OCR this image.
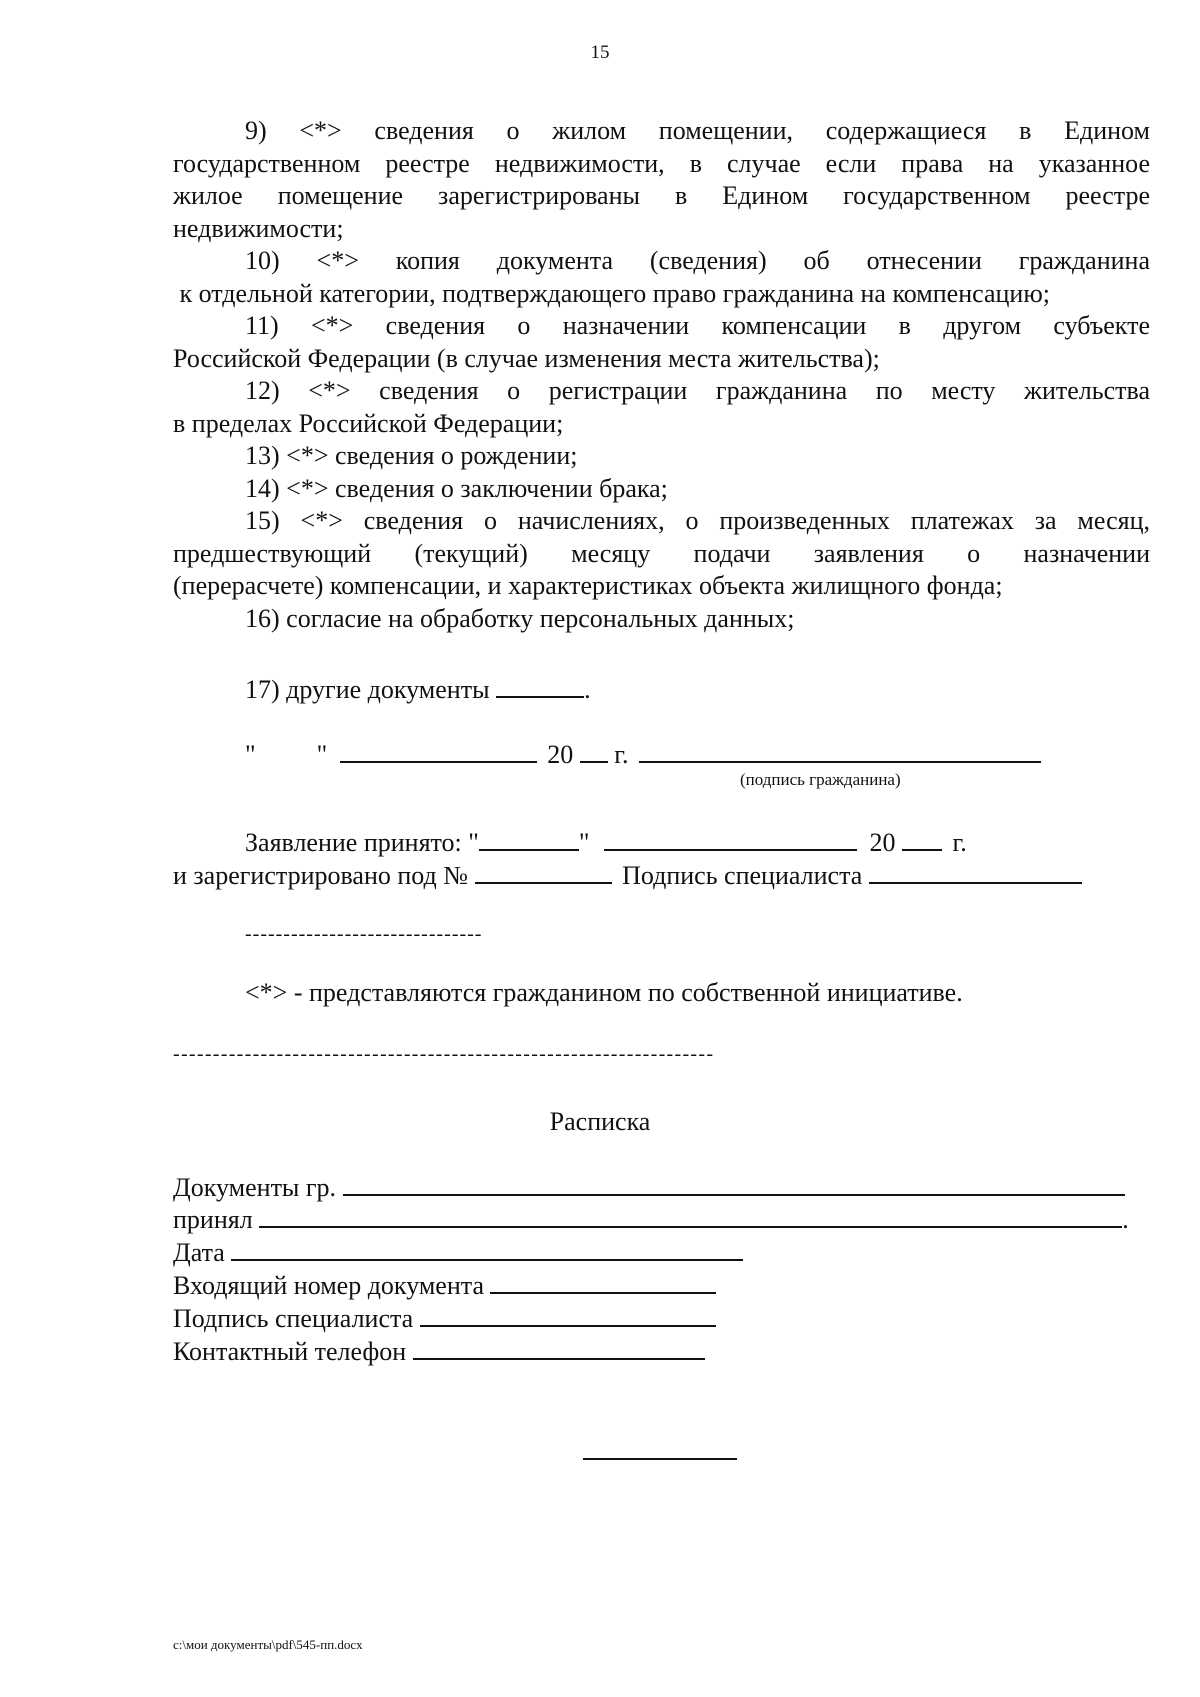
15
9) <*> сведения о жилом помещении, содержащиеся в Едином
государственном реестре недвижимости, в случае если права на указанное
жилое помещение зарегистрированы в Едином государственном реестре
недвижимости;
10) <*> копия документа (сведения) об отнесении гражданина
к отдельной категории, подтверждающего право гражданина на компенсацию;
11) <*> сведения о назначении компенсации в другом субъекте
Российской Федерации (в случае изменения места жительства);
12) <*> сведения о регистрации гражданина по месту жительства
в пределах Российской Федерации;
13) <*> сведения о рождении;
14) <*> сведения о заключении брака;
15) <*> сведения о начислениях, о произведенных платежах за месяц,
предшествующий (текущий) месяцу подачи заявления о назначении
(перерасчете) компенсации, и характеристиках объекта жилищного фонда;
16) согласие на обработку персональных данных;
17) другие документы	.
" "	20 г.
(подпись гражданина)
Заявление принято: "	"	20 г.
и зарегистрировано под №	Подпись специалиста
-------------------------------
<*> - представляются гражданином по собственной инициативе.
--------------------------------------------------------------------
Расписка
Документы гр.
принял	.
Дата
Входящий номер документа
Подпись специалиста
Контактный телефон
c:\мои документы\pdf\545-пп.docx
